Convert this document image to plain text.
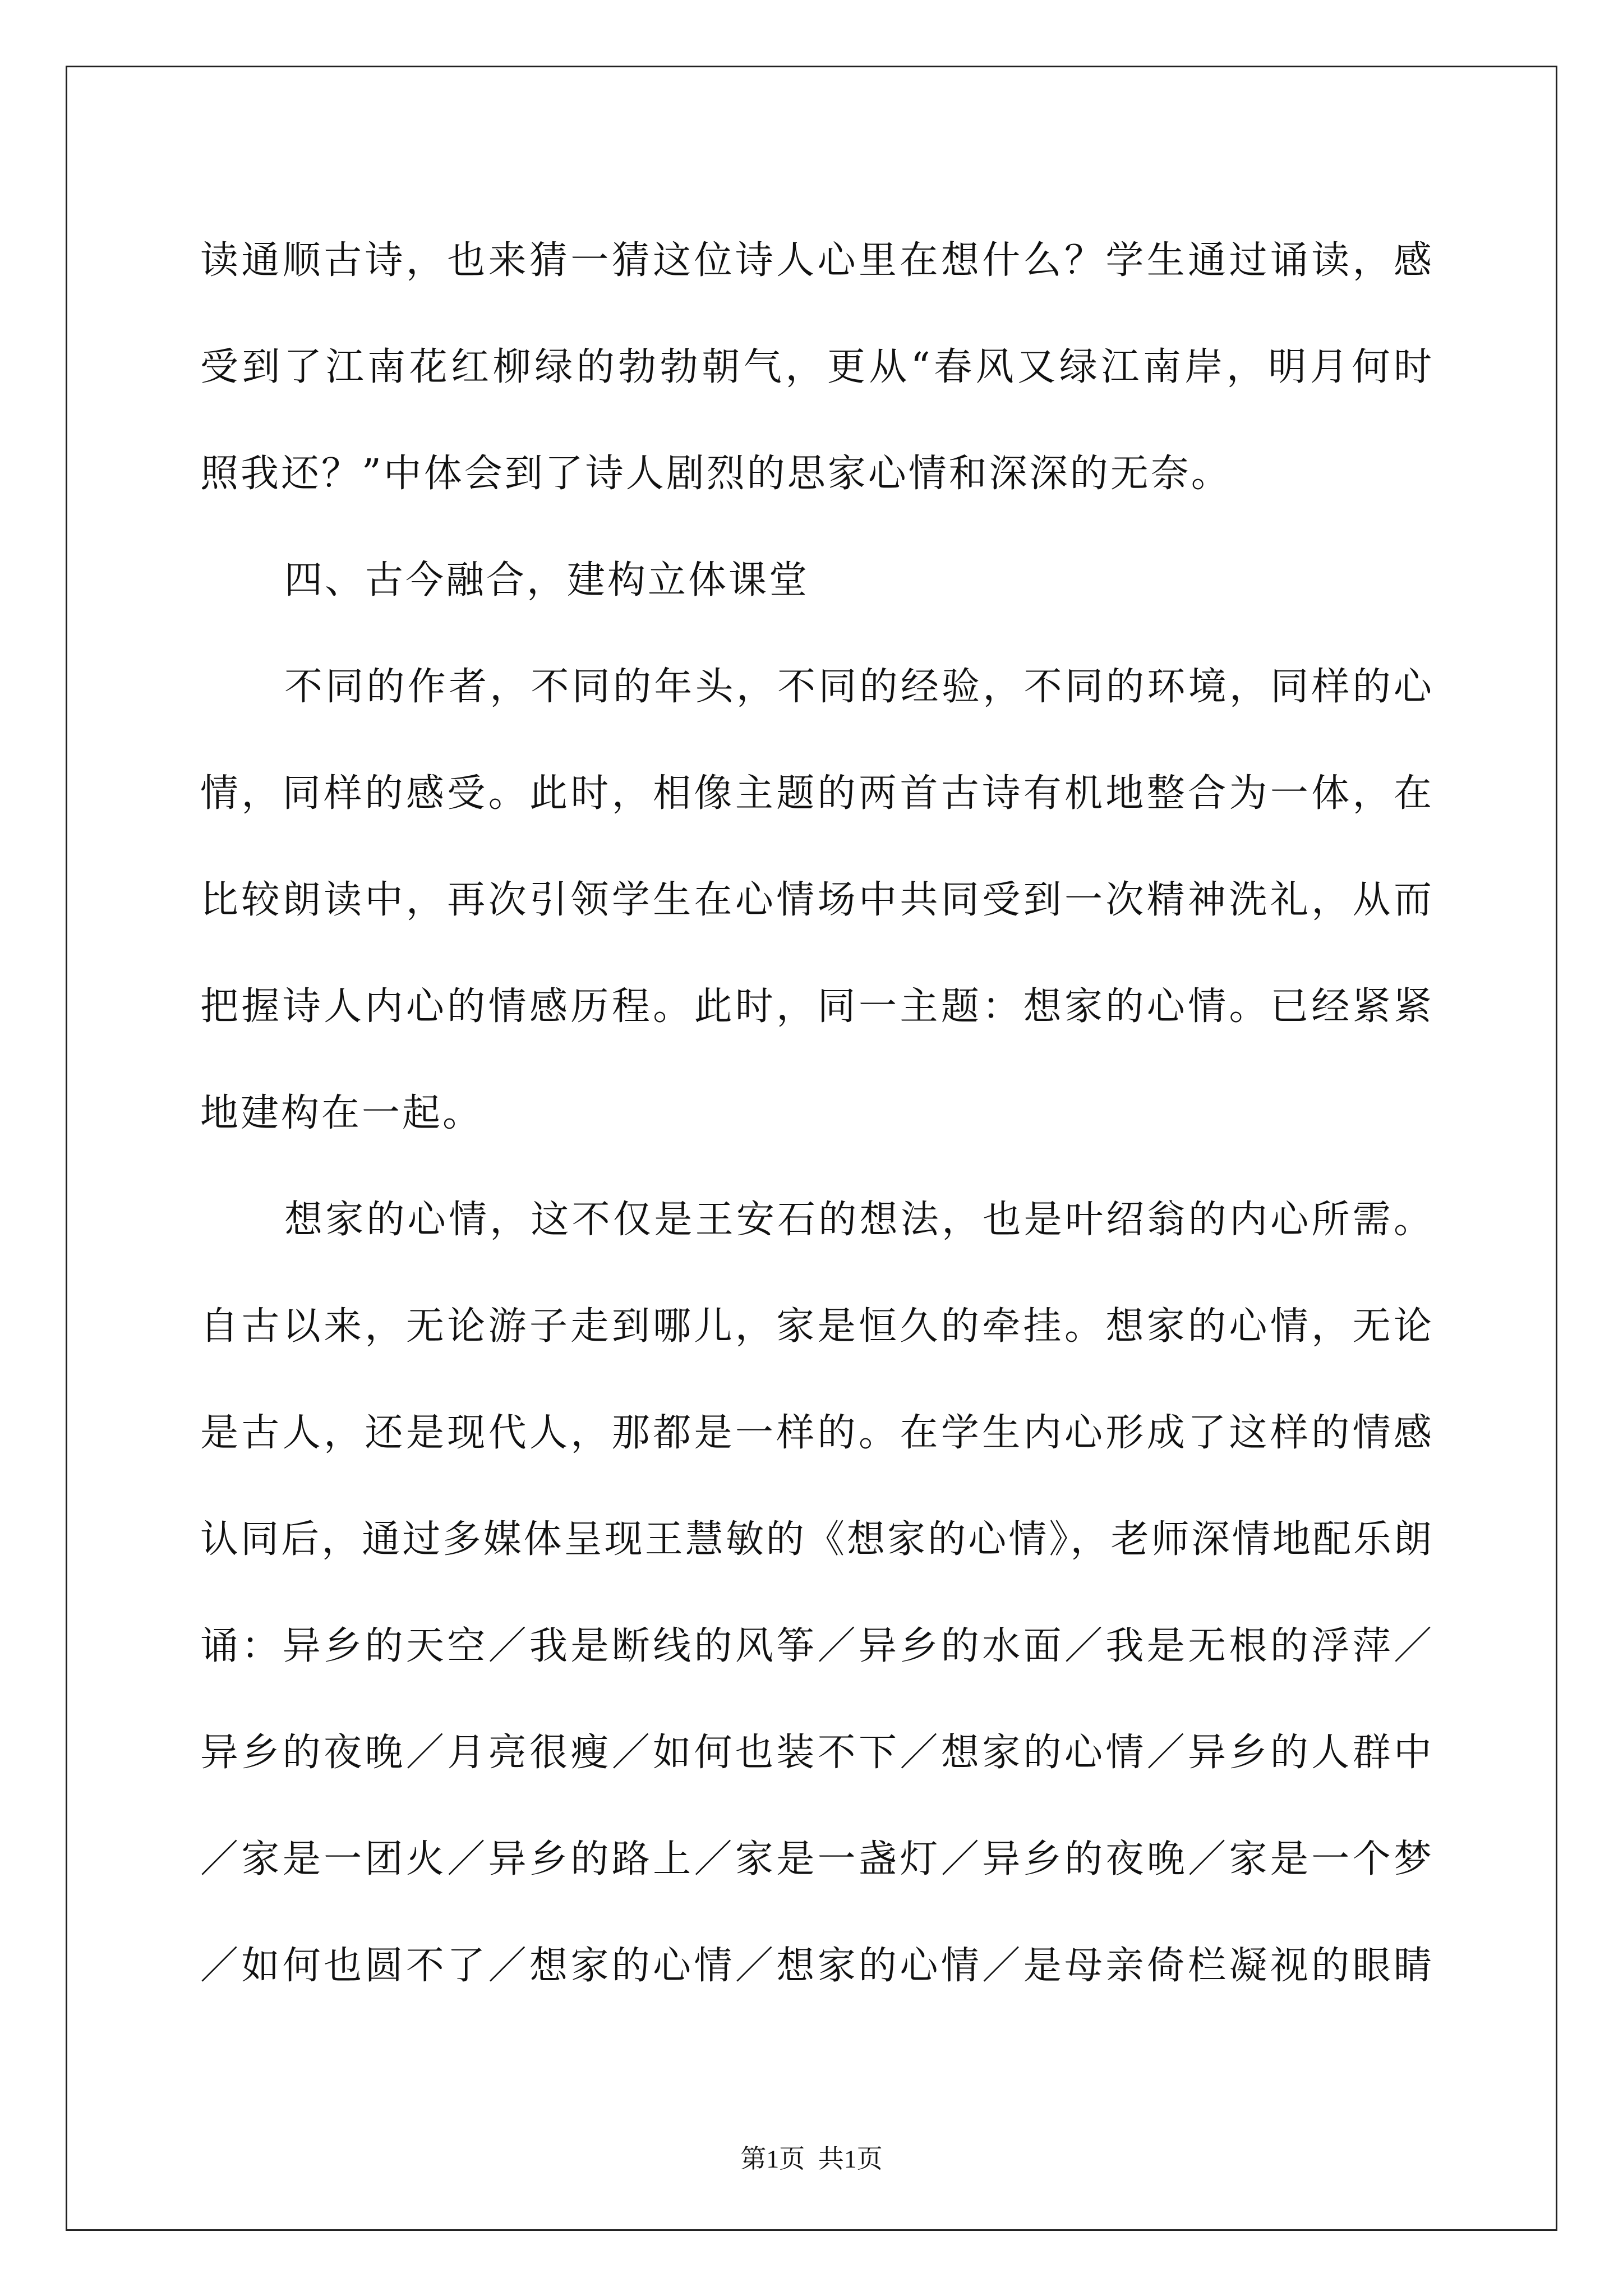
读通顺古诗，也来猜一猜这位诗人心里在想什么？学生通过诵读，感
受到了江南花红柳绿的勃勃朝气，更从“春风又绿江南岸，明月何时
照我还？”中体会到了诗人剧烈的思家心情和深深的无奈。
四、古今融合，建构立体课堂
不同的作者，不同的年头，不同的经验，不同的环境，同样的心
情，同样的感受。此时，相像主题的两首古诗有机地整合为一体，在
比较朗读中，再次引领学生在心情场中共同受到一次精神洗礼，从而
把握诗人内心的情感历程。此时，同一主题：想家的心情。已经紧紧
地建构在一起。
想家的心情，这不仅是王安石的想法，也是叶绍翁的内心所需。
自古以来，无论游子走到哪儿，家是恒久的牵挂。想家的心情，无论
是古人，还是现代人，那都是一样的。在学生内心形成了这样的情感
认同后，通过多媒体呈现王慧敏的《想家的心情》，老师深情地配乐朗
诵：异乡的天空／我是断线的风筝／异乡的水面／我是无根的浮萍／
异乡的夜晚／月亮很瘦／如何也装不下／想家的心情／异乡的人群中
／家是一团火／异乡的路上／家是一盏灯／异乡的夜晚／家是一个梦
／如何也圆不了／想家的心情／想家的心情／是母亲倚栏凝视的眼睛
第1页 共1页
